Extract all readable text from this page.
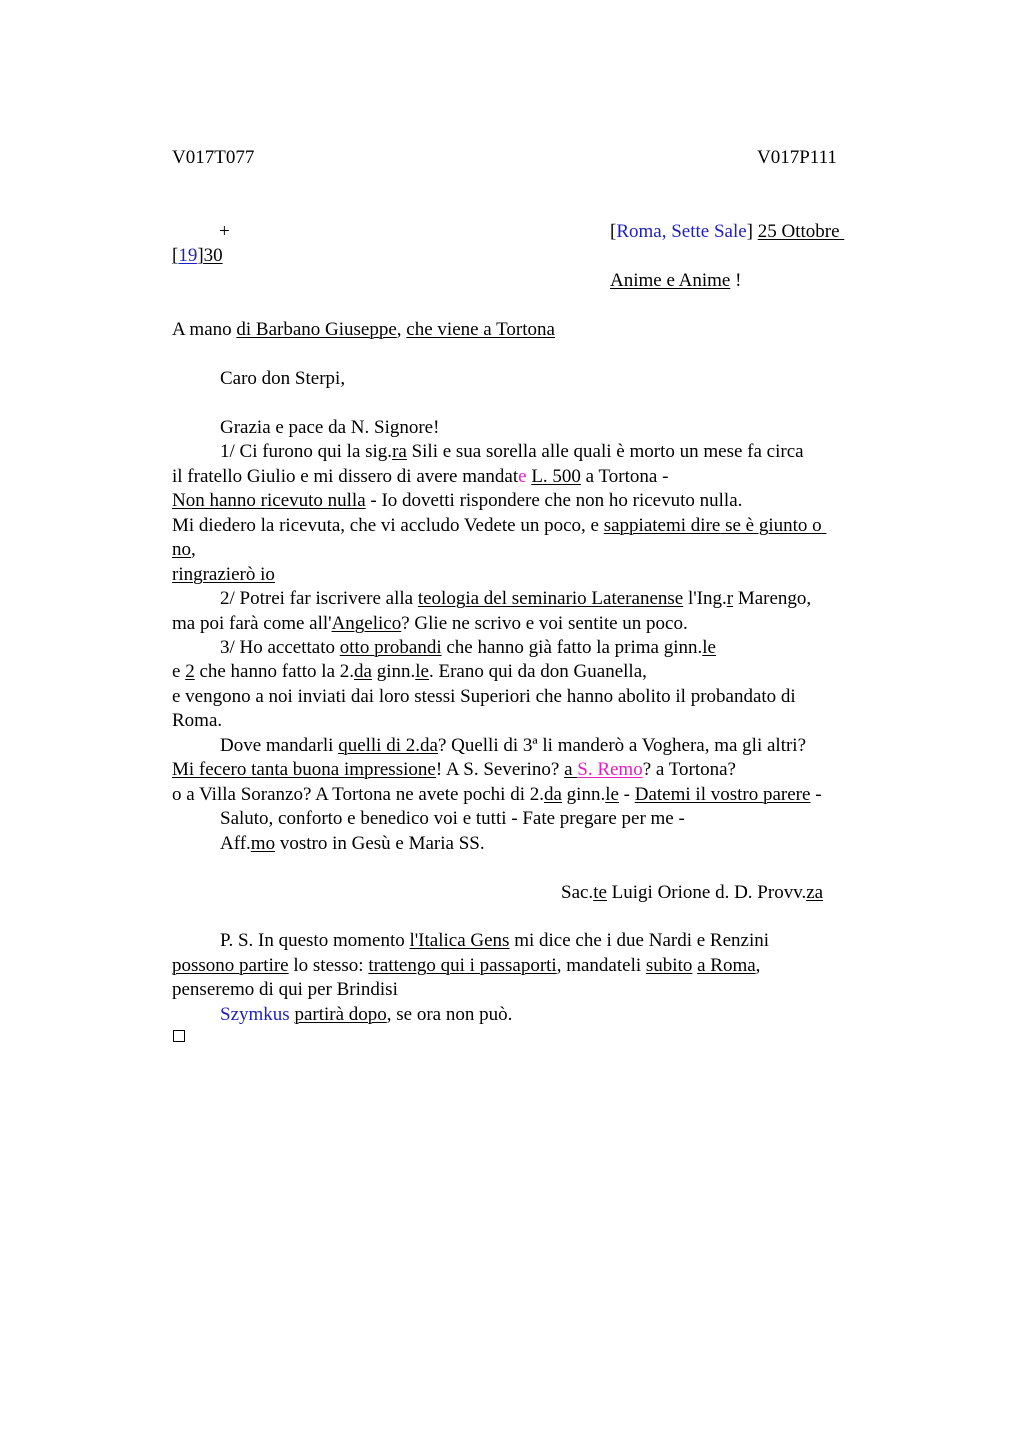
V017T077	V017P111
+	[Roma, Sette Sale] 25 Ottobre
[19]30
Anime e Anime !
A mano di Barbano Giuseppe, che viene a Tortona
Caro don Sterpi,
Grazia e pace da N. Signore!
1/ Ci furono qui la sig.ra Sili e sua sorella alle quali è morto un mese fa circa
il fratello Giulio e mi dissero di avere mandate L. 500 a Tortona -
Non hanno ricevuto nulla - Io dovetti rispondere che non ho ricevuto nulla.
Mi diedero la ricevuta, che vi accludo Vedete un poco, e sappiatemi dire se è giunto o
no,
ringrazierò io
2/ Potrei far iscrivere alla teologia del seminario Lateranense l'Ing.r Marengo,
ma poi farà come all'Angelico? Glie ne scrivo e voi sentite un poco.
3/ Ho accettato otto probandi che hanno già fatto la prima ginn.le
e 2 che hanno fatto la 2.da ginn.le. Erano qui da don Guanella,
e vengono a noi inviati dai loro stessi Superiori che hanno abolito il probandato di
Roma.
Dove mandarli quelli di 2.da? Quelli di 3ª li manderò a Voghera, ma gli altri?
Mi fecero tanta buona impressione! A S. Severino? a S. Remo? a Tortona?
o a Villa Soranzo? A Tortona ne avete pochi di 2.da ginn.le - Datemi il vostro parere -
Saluto, conforto e benedico voi e tutti - Fate pregare per me -
Aff.mo vostro in Gesù e Maria SS.
Sac.te Luigi Orione d. D. Provv.za
P. S. In questo momento l'Italica Gens mi dice che i due Nardi e Renzini
possono partire lo stesso: trattengo qui i passaporti, mandateli subito a Roma,
penseremo di qui per Brindisi
Szymkus partirà dopo, se ora non può.
